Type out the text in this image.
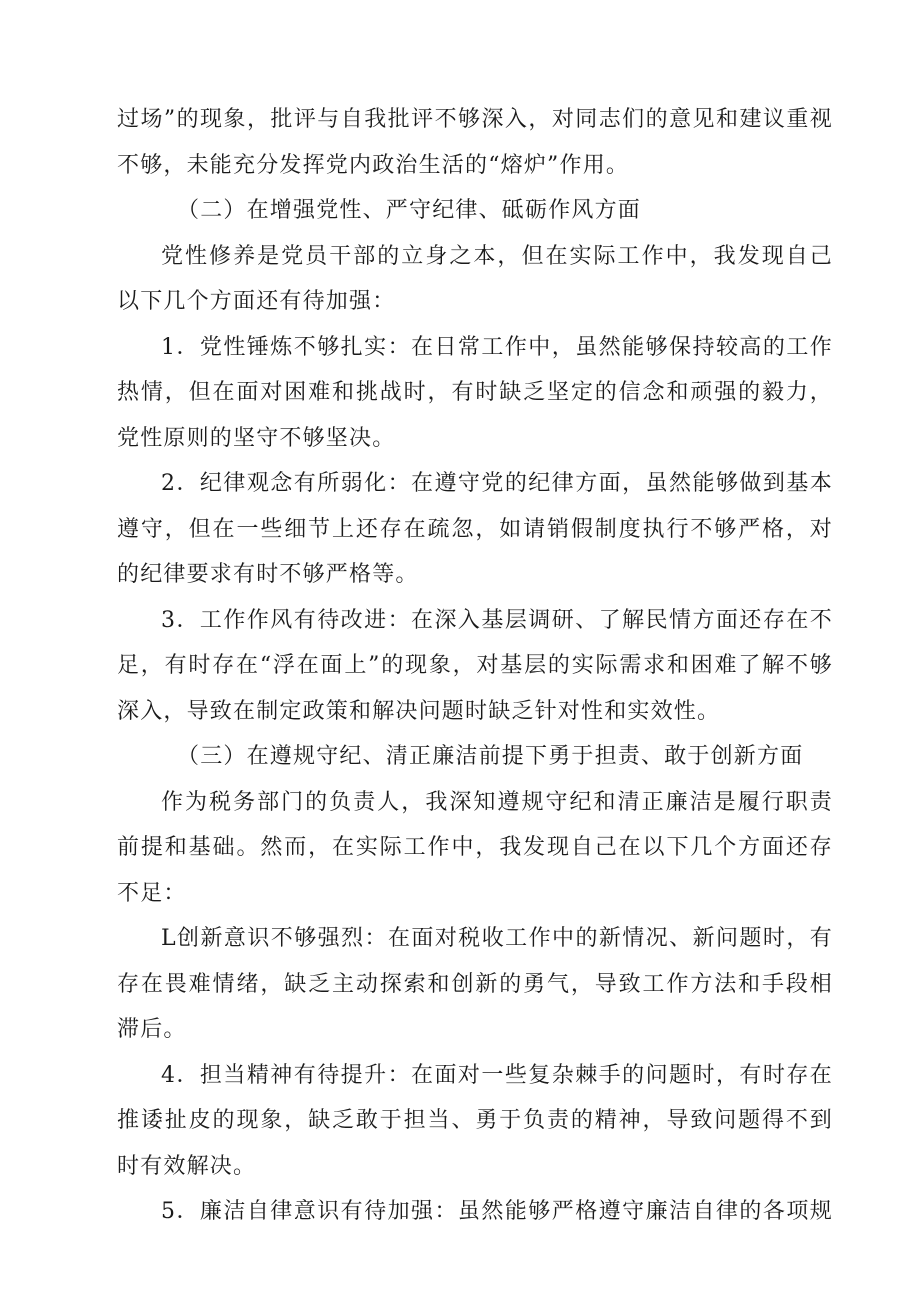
过场”的现象，批评与自我批评不够深入，对同志们的意见和建议重视
不够，未能充分发挥党内政治生活的“熔炉”作用。
（二）在增强党性、严守纪律、砥砺作风方面
党性修养是党员干部的立身之本，但在实际工作中，我发现自己
以下几个方面还有待加强：
1．党性锤炼不够扎实：在日常工作中，虽然能够保持较高的工作
热情，但在面对困难和挑战时，有时缺乏坚定的信念和顽强的毅力，
党性原则的坚守不够坚决。
2．纪律观念有所弱化：在遵守党的纪律方面，虽然能够做到基本
遵守，但在一些细节上还存在疏忽，如请销假制度执行不够严格，对
的纪律要求有时不够严格等。
3．工作作风有待改进：在深入基层调研、了解民情方面还存在不
足，有时存在“浮在面上”的现象，对基层的实际需求和困难了解不够
深入，导致在制定政策和解决问题时缺乏针对性和实效性。
（三）在遵规守纪、清正廉洁前提下勇于担责、敢于创新方面
作为税务部门的负责人，我深知遵规守纪和清正廉洁是履行职责
前提和基础。然而，在实际工作中，我发现自己在以下几个方面还存
不足：
L创新意识不够强烈：在面对税收工作中的新情况、新问题时，有
存在畏难情绪，缺乏主动探索和创新的勇气，导致工作方法和手段相
滞后。
4．担当精神有待提升：在面对一些复杂棘手的问题时，有时存在
推诿扯皮的现象，缺乏敢于担当、勇于负责的精神，导致问题得不到
时有效解决。
5．廉洁自律意识有待加强：虽然能够严格遵守廉洁自律的各项规
